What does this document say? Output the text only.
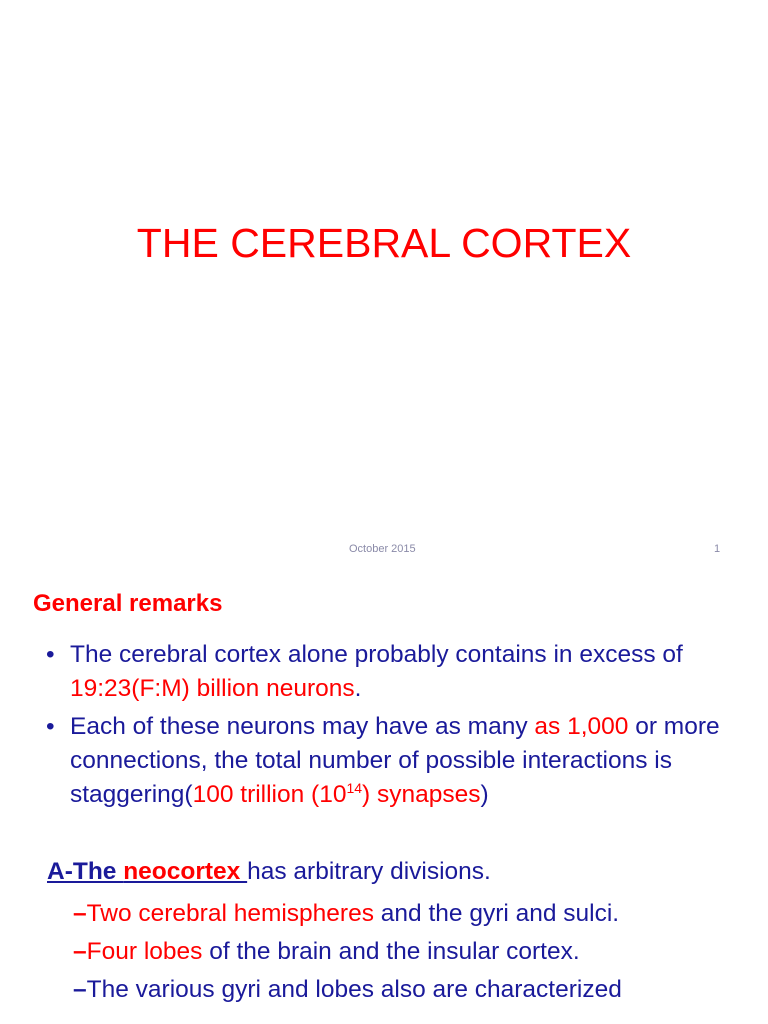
THE CEREBRAL CORTEX
October 2015	1
General remarks
• The cerebral cortex alone probably contains in excess of 19:23(F:M) billion neurons.
• Each of these neurons may have as many as 1,000 or more connections, the total number of possible interactions is staggering(100 trillion $(10^{14})$ synapses)
A-The neocortex has arbitrary divisions.
–Two cerebral hemispheres and the gyri and sulci.
–Four lobes of the brain and the insular cortex.
–The various gyri and lobes also are characterized
